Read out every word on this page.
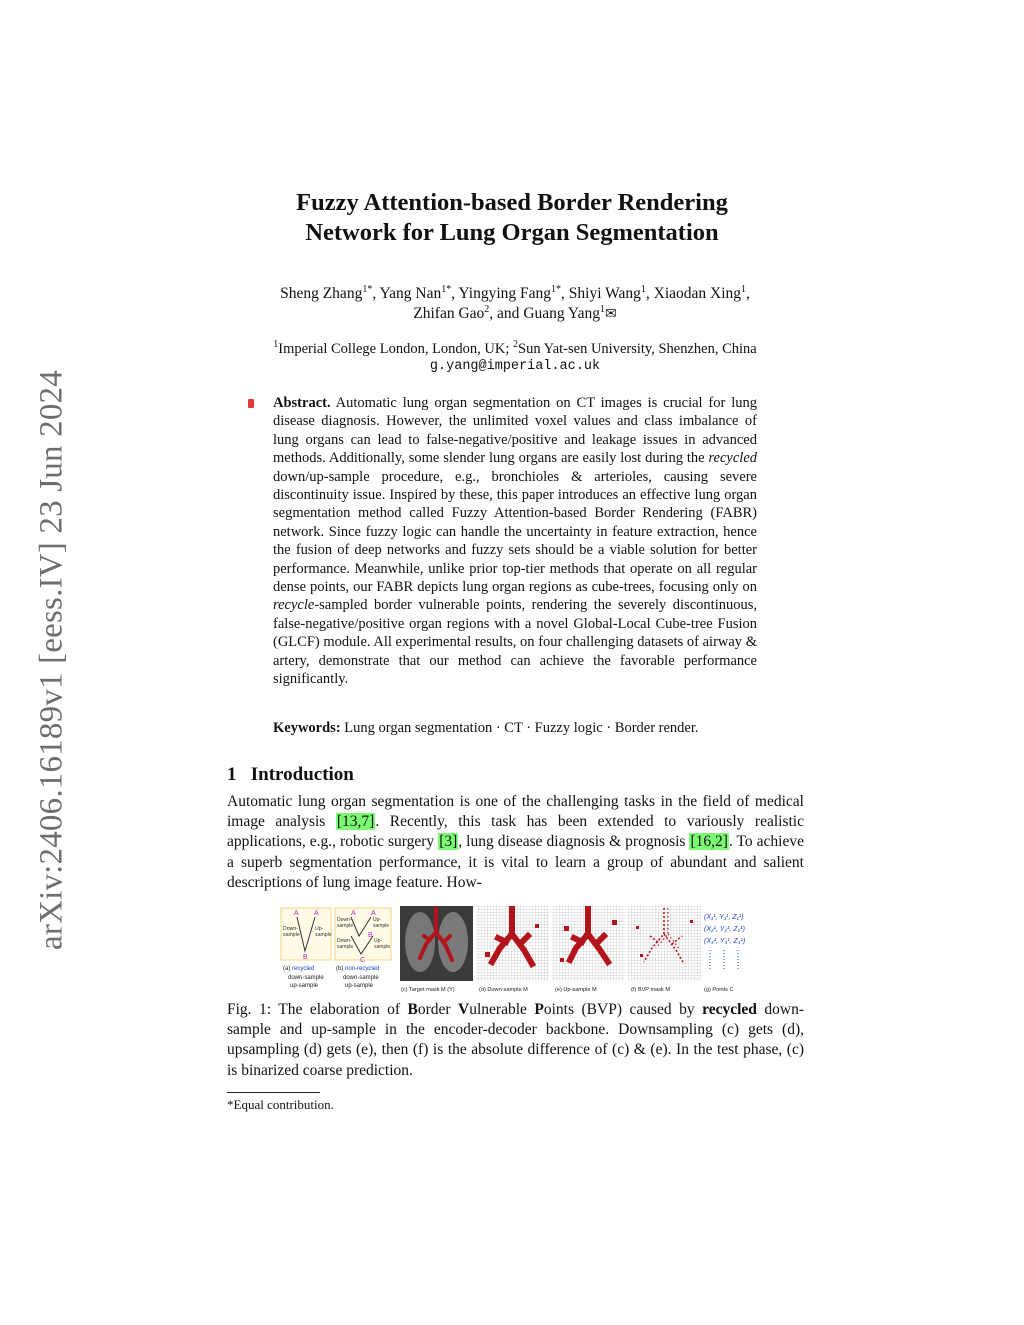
arXiv:2406.16189v1 [eess.IV] 23 Jun 2024
Fuzzy Attention-based Border Rendering
Network for Lung Organ Segmentation
Sheng Zhang$^{1*}$, Yang Nan$^{1*}$, Yingying Fang$^{1*}$, Shiyi Wang$^1$, Xiaodan Xing$^1$,
Zhifan Gao$^2$, and Guang Yang$^1$✉
$^1$Imperial College London, London, UK; $^2$Sun Yat-sen University, Shenzhen, China
g.yang@imperial.ac.uk
Abstract. Automatic lung organ segmentation on CT images is crucial for lung disease diagnosis. However, the unlimited voxel values and class imbalance of lung organs can lead to false-negative/positive and leakage issues in advanced methods. Additionally, some slender lung organs are easily lost during the recycled down/up-sample procedure, e.g., bronchioles & arterioles, causing severe discontinuity issue. Inspired by these, this paper introduces an effective lung organ segmentation method called Fuzzy Attention-based Border Rendering (FABR) network. Since fuzzy logic can handle the uncertainty in feature extraction, hence the fusion of deep networks and fuzzy sets should be a viable solution for better performance. Meanwhile, unlike prior top-tier methods that operate on all regular dense points, our FABR depicts lung organ regions as cube-trees, focusing only on recycle-sampled border vulnerable points, rendering the severely discontinuous, false-negative/positive organ regions with a novel Global-Local Cube-tree Fusion (GLCF) module. All experimental results, on four challenging datasets of airway & artery, demonstrate that our method can achieve the favorable performance significantly.
Keywords: Lung organ segmentation · CT · Fuzzy logic · Border render.
1 Introduction
Automatic lung organ segmentation is one of the challenging tasks in the field of medical image analysis [13,7]. Recently, this task has been extended to variously realistic applications, e.g., robotic surgery [3], lung disease diagnosis & prognosis [16,2]. To achieve a superb segmentation performance, it is vital to learn a group of abundant and salient descriptions of lung image feature. How-
A A
B
Down-
sample
Up-
sample
(a) recycled
down-sample
up-sample
A A
B
C
Down-
sample
Up-
sample
Down-
sample
Up-
sample
(b) non-recycled
down-sample
up-sample
(c) Target mask M (Y)	(d) Down-sample M	(e) Up-sample M	(f) BVP mask M
(X₁¹, Y₁¹, Z₁¹)
(X₂¹, Y₂¹, Z₂¹)
(X₃¹, Y₃¹, Z₃¹)
(g) Points C
Fig. 1: The elaboration of Border Vulnerable Points (BVP) caused by recycled down-sample and up-sample in the encoder-decoder backbone. Downsampling (c) gets (d), upsampling (d) gets (e), then (f) is the absolute difference of (c) & (e). In the test phase, (c) is binarized coarse prediction.
*Equal contribution.
